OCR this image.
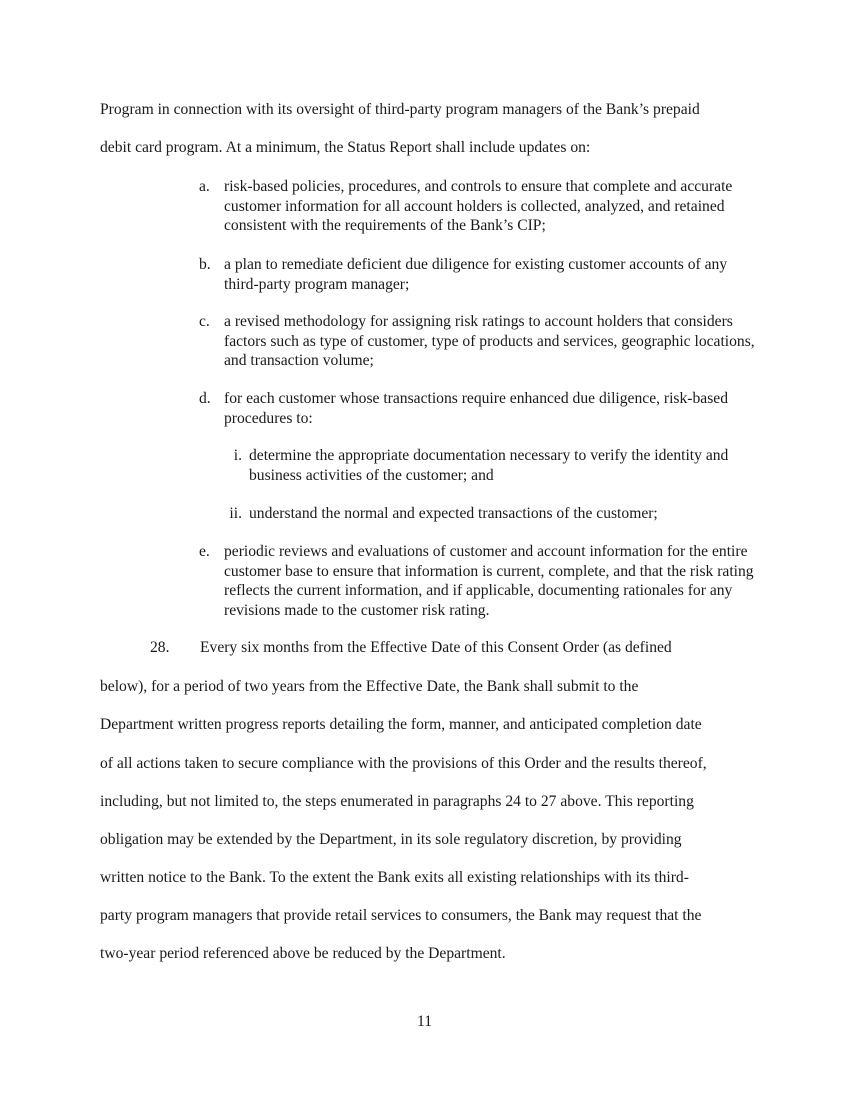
Program in connection with its oversight of third-party program managers of the Bank’s prepaid
debit card program. At a minimum, the Status Report shall include updates on:
a. risk-based policies, procedures, and controls to ensure that complete and accurate customer information for all account holders is collected, analyzed, and retained consistent with the requirements of the Bank’s CIP;
b. a plan to remediate deficient due diligence for existing customer accounts of any third-party program manager;
c. a revised methodology for assigning risk ratings to account holders that considers factors such as type of customer, type of products and services, geographic locations, and transaction volume;
d. for each customer whose transactions require enhanced due diligence, risk-based procedures to:
i. determine the appropriate documentation necessary to verify the identity and business activities of the customer; and
ii. understand the normal and expected transactions of the customer;
e. periodic reviews and evaluations of customer and account information for the entire customer base to ensure that information is current, complete, and that the risk rating reflects the current information, and if applicable, documenting rationales for any revisions made to the customer risk rating.
28. Every six months from the Effective Date of this Consent Order (as defined
below), for a period of two years from the Effective Date, the Bank shall submit to the
Department written progress reports detailing the form, manner, and anticipated completion date
of all actions taken to secure compliance with the provisions of this Order and the results thereof,
including, but not limited to, the steps enumerated in paragraphs 24 to 27 above. This reporting
obligation may be extended by the Department, in its sole regulatory discretion, by providing
written notice to the Bank. To the extent the Bank exits all existing relationships with its third-
party program managers that provide retail services to consumers, the Bank may request that the
two-year period referenced above be reduced by the Department.
11
